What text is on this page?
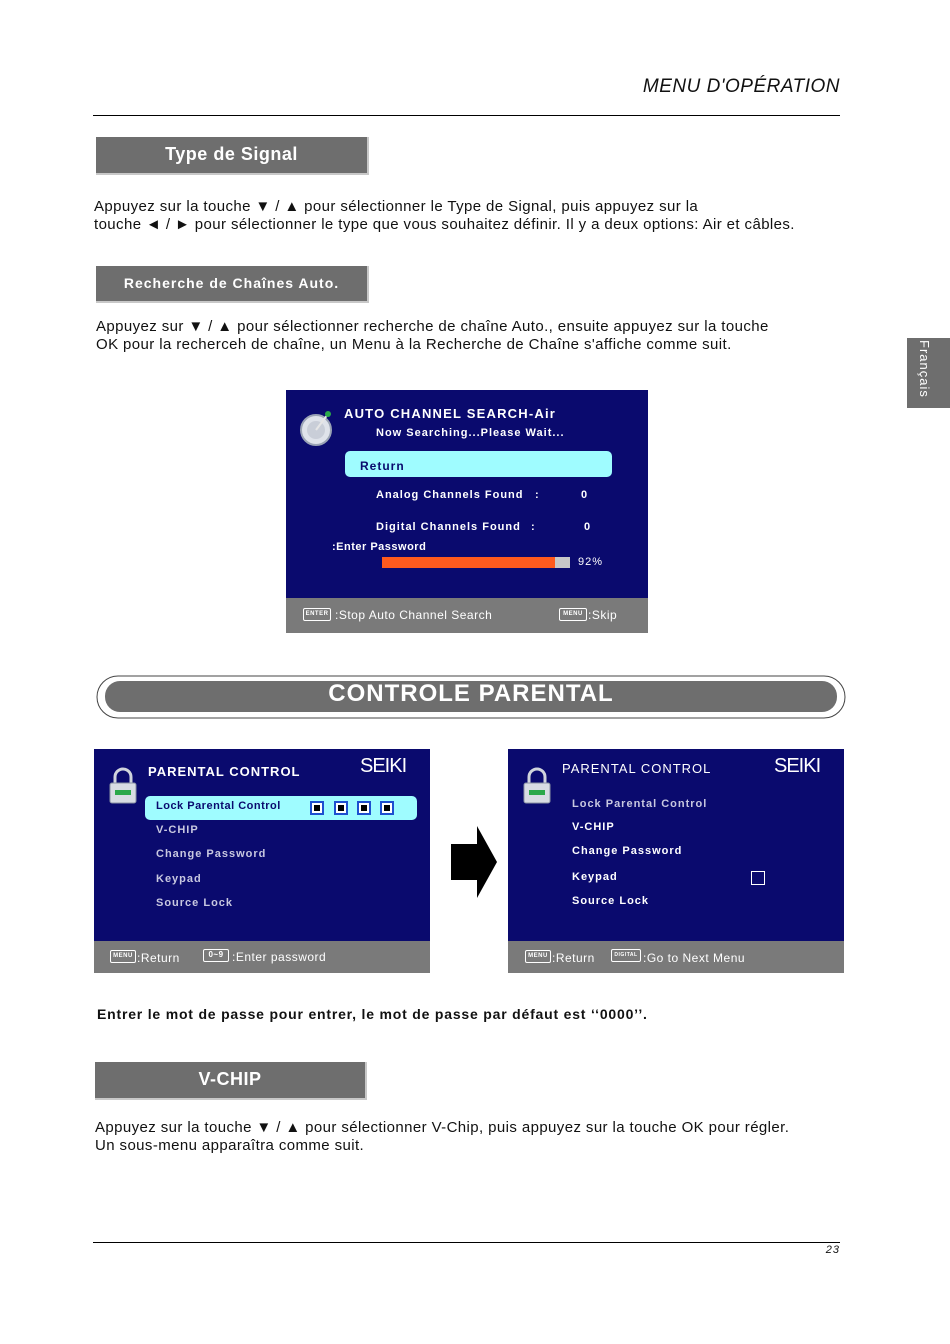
MENU D'OPÉRATION
Français
Type de Signal
Appuyez sur la touche ▼ / ▲ pour sélectionner le Type de Signal, puis appuyez sur la
touche ◄ / ► pour sélectionner le type que vous souhaitez définir. Il y a deux options: Air et câbles.
Recherche de Chaînes Auto.
Appuyez sur ▼ / ▲ pour sélectionner recherche de chaîne Auto., ensuite appuyez sur la touche
OK pour la recherceh de chaîne, un Menu à la Recherche de Chaîne s'affiche comme suit.
AUTO CHANNEL SEARCH-Air
Now Searching...Please Wait...
Return
Analog Channels Found :	0
Digital Channels Found :	0
:Enter Password
92%
ENTER :Stop Auto Channel Search	MENU :Skip
CONTROLE PARENTAL
PARENTAL CONTROL	SEIKI
Lock Parental Control
V-CHIP
Change Password
Keypad
Source Lock
MENU :Return	0~9 :Enter password
PARENTAL CONTROL	SEIKI
Lock Parental Control
V-CHIP
Change Password
Keypad
Source Lock
MENU :Return	DIGITAL :Go to Next Menu
Entrer le mot de passe pour entrer, le mot de passe par défaut est ‘‘0000’’.
V-CHIP
Appuyez sur la touche ▼ / ▲ pour sélectionner V-Chip, puis appuyez sur la touche OK pour régler.
Un sous-menu apparaîtra comme suit.
23
